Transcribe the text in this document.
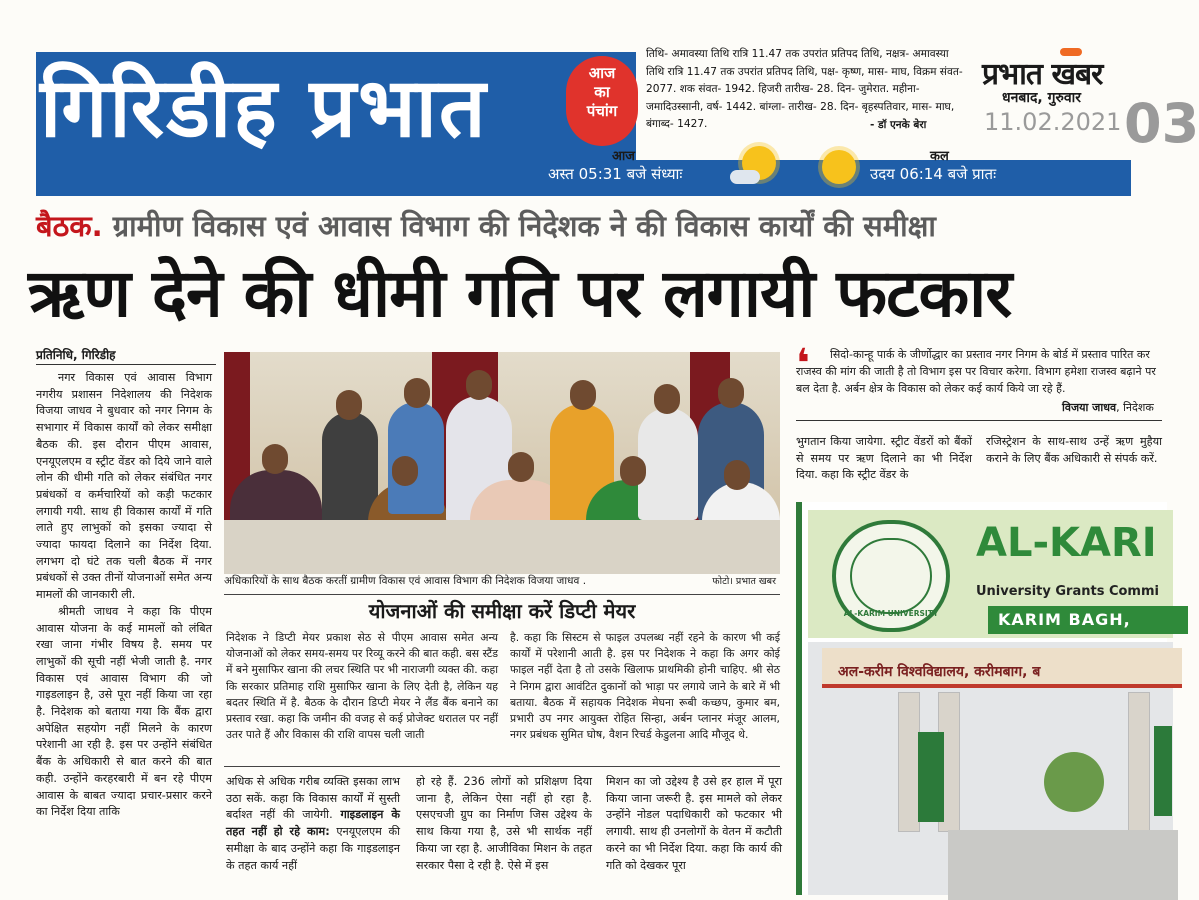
गिरिडीह प्रभात	आज
का
पंचांग
तिथि- अमावस्या तिथि रात्रि 11.47 तक उपरांत प्रतिपद तिथि, नक्षत्र- अमावस्या तिथि रात्रि 11.47 तक उपरांत प्रतिपद तिथि, पक्ष- कृष्ण, मास- माघ, विक्रम संवत- 2077. शक संवत- 1942. हिजरी तारीख- 28. दिन- जुमेरात. महीना- जमादिउस्सानी, वर्ष- 1442. बांग्ला- तारीख- 28. दिन- बृहस्पतिवार, मास- माघ, बंगाब्द- 1427.	- डॉ एनके बेरा
प्रभात खबर
धनबाद, गुरुवार
11.02.2021 03
आज	कल
अस्त 05:31 बजे संध्याः	उदय 06:14 बजे प्रातः
बैठक. ग्रामीण विकास एवं आवास विभाग की निदेशक ने की विकास कार्यों की समीक्षा
ऋण देने की धीमी गति पर लगायी फटकार
प्रतिनिधि, गिरिडीह

नगर विकास एवं आवास विभाग नगरीय प्रशासन निदेशालय की निदेशक विजया जाधव ने बुधवार को नगर निगम के सभागार में विकास कार्यों को लेकर समीक्षा बैठक की. इस दौरान पीएम आवास, एनयूएलएम व स्ट्रीट वेंडर को दिये जाने वाले लोन की धीमी गति को लेकर संबंधित नगर प्रबंधकों व कर्मचारियों को कड़ी फटकार लगायी गयी. साथ ही विकास कार्यों में गति लाते हुए लाभुकों को इसका ज्यादा से ज्यादा फायदा दिलाने का निर्देश दिया. लगभग दो घंटे तक चली बैठक में नगर प्रबंधकों से उक्त तीनों योजनाओं समेत अन्य मामलों की जानकारी ली.

श्रीमती जाधव ने कहा कि पीएम आवास योजना के कई मामलों को लंबित रखा जाना गंभीर विषय है. समय पर लाभुकों की सूची नहीं भेजी जाती है. नगर विकास एवं आवास विभाग की जो गाइडलाइन है, उसे पूरा नहीं किया जा रहा है. निदेशक को बताया गया कि बैंक द्वारा अपेक्षित सहयोग नहीं मिलने के कारण परेशानी आ रही है. इस पर उन्होंने संबंधित बैंक के अधिकारी से बात करने की बात कही. उन्होंने करहरबारी में बन रहे पीएम आवास के बाबत ज्यादा प्रचार-प्रसार करने का निर्देश दिया ताकि

अधिकारियों के साथ बैठक करतीं ग्रामीण विकास एवं आवास विभाग की निदेशक विजया जाधव .	फोटो। प्रभात खबर
योजनाओं की समीक्षा करें डिप्टी मेयर
निदेशक ने डिप्टी मेयर प्रकाश सेठ से पीएम आवास समेत अन्य योजनाओं को लेकर समय-समय पर रिव्यू करने की बात कही. बस स्टैंड में बने मुसाफिर खाना की लचर स्थिति पर भी नाराजगी व्यक्त की. कहा कि सरकार प्रतिमाह राशि मुसाफिर खाना के लिए देती है, लेकिन यह बदतर स्थिति में है. बैठक के दौरान डिप्टी मेयर ने लैंड बैंक बनाने का प्रस्ताव रखा. कहा कि जमीन की वजह से कई प्रोजेक्ट धरातल पर नहीं उतर पाते हैं और विकास की राशि वापस चली जाती
है. कहा कि सिस्टम से फाइल उपलब्ध नहीं रहने के कारण भी कई कार्यों में परेशानी आती है. इस पर निदेशक ने कहा कि अगर कोई फाइल नहीं देता है तो उसके खिलाफ प्राथमिकी होनी चाहिए. श्री सेठ ने निगम द्वारा आवंटित दुकानों को भाड़ा पर लगाये जाने के बारे में भी बताया. बैठक में सहायक निदेशक मेघना रूबी कच्छप, कुमार बम, प्रभारी उप नगर आयुक्त रोहित सिन्हा, अर्बन प्लानर मंजूर आलम, नगर प्रबंधक सुमित घोष, वैशन रिचर्ड केडुलना आदि मौजूद थे.
अधिक से अधिक गरीब व्यक्ति इसका लाभ उठा सकें. कहा कि विकास कार्यों में सुस्ती बर्दाश्त नहीं की जायेगी. गाइडलाइन के तहत नहीं हो रहे काम: एनयूएलएम की समीक्षा के बाद उन्होंने कहा कि गाइडलाइन के तहत कार्य नहीं
हो रहे हैं. 236 लोगों को प्रशिक्षण दिया जाना है, लेकिन ऐसा नहीं हो रहा है. एसएचजी ग्रुप का निर्माण जिस उद्देश्य के साथ किया गया है, उसे भी सार्थक नहीं किया जा रहा है. आजीविका मिशन के तहत सरकार पैसा दे रही है. ऐसे में इस
मिशन का जो उद्देश्य है उसे हर हाल में पूरा किया जाना जरूरी है. इस मामले को लेकर उन्होंने नोडल पदाधिकारी को फटकार भी लगायी. साथ ही उनलोगों के वेतन में कटौती करने का भी निर्देश दिया. कहा कि कार्य की गति को देखकर पूरा
❛	सिदो-कान्हू पार्क के जीर्णोद्धार का प्रस्ताव नगर निगम के बोर्ड में प्रस्ताव पारित कर राजस्व की मांग की जाती है तो विभाग इस पर विचार करेगा. विभाग हमेशा राजस्व बढ़ाने पर बल देता है. अर्बन क्षेत्र के विकास को लेकर कई कार्य किये जा रहे हैं.
विजया जाधव, निदेशक
भुगतान किया जायेगा. स्ट्रीट वेंडरों को बैंकों से समय पर ऋण दिलाने का भी निर्देश दिया. कहा कि स्ट्रीट वेंडर के
रजिस्ट्रेशन के साथ-साथ उन्हें ऋण मुहैया कराने के लिए बैंक अधिकारी से संपर्क करें.
AL-KARIM UNIVERSITY
AL-KARI
University Grants Commi
KARIM BAGH,
अल-करीम विश्वविद्यालय, करीमबाग, ब
